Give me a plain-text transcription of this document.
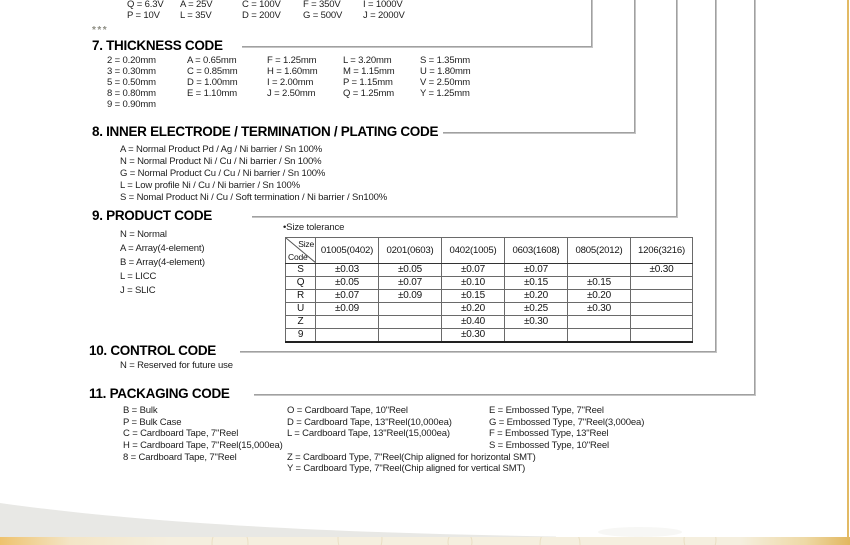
Q = 6.3V A = 25V	C = 100V F = 350V I = 1000V
P = 10V L = 35V	D = 200V G = 500V J = 2000V
***
7. THICKNESS CODE
2 = 0.20mm	A = 0.65mm	F = 1.25mm	L = 3.20mm	S = 1.35mm
3 = 0.30mm	C = 0.85mm	H = 1.60mm	M = 1.15mm	U = 1.80mm
5 = 0.50mm	D = 1.00mm	I = 2.00mm	P = 1.15mm	V = 2.50mm
8 = 0.80mm	E = 1.10mm	J = 2.50mm	Q = 1.25mm	Y = 1.25mm
9 = 0.90mm
8. INNER ELECTRODE / TERMINATION / PLATING CODE
A = Normal Product Pd / Ag / Ni barrier / Sn 100%
N = Normal Product Ni / Cu / Ni barrier / Sn 100%
G = Normal Product Cu / Cu / Ni barrier / Sn 100%
L = Low profile Ni / Cu / Ni barrier / Sn 100%
S = Nomal Product Ni / Cu / Soft termination / Ni barrier / Sn100%
9. PRODUCT CODE
N = Normal
A = Array(4-element)
B = Array(4-element)
L = LICC
J = SLIC
•Size tolerance
Size
Code	01005(0402)	0201(0603)	0402(1005)	0603(1608)	0805(2012)	1206(3216)
S	±0.03	±0.05	±0.07	±0.07		±0.30
Q	±0.05	±0.07	±0.10	±0.15	±0.15	
R	±0.07	±0.09	±0.15	±0.20	±0.20	
U	±0.09		±0.20	±0.25	±0.30	
Z			±0.40	±0.30		
9			±0.30			
10. CONTROL CODE
N = Reserved for future use
11. PACKAGING CODE
B = Bulk
P = Bulk Case
C = Cardboard Tape, 7"Reel
H = Cardboard Tape, 7"Reel(15,000ea)
8 = Cardboard Tape, 7"Reel
O = Cardboard Tape, 10"Reel
D = Cardboard Tape, 13"Reel(10,000ea)
L = Cardboard Tape, 13"Reel(15,000ea)
Z = Cardboard Type, 7"Reel(Chip aligned for horizontal SMT)
Y = Cardboard Type, 7"Reel(Chip aligned for vertical SMT)
E = Embossed Type, 7"Reel
G = Embossed Type, 7"Reel(3,000ea)
F = Embossed Type, 13"Reel
S = Embossed Type, 10"Reel
